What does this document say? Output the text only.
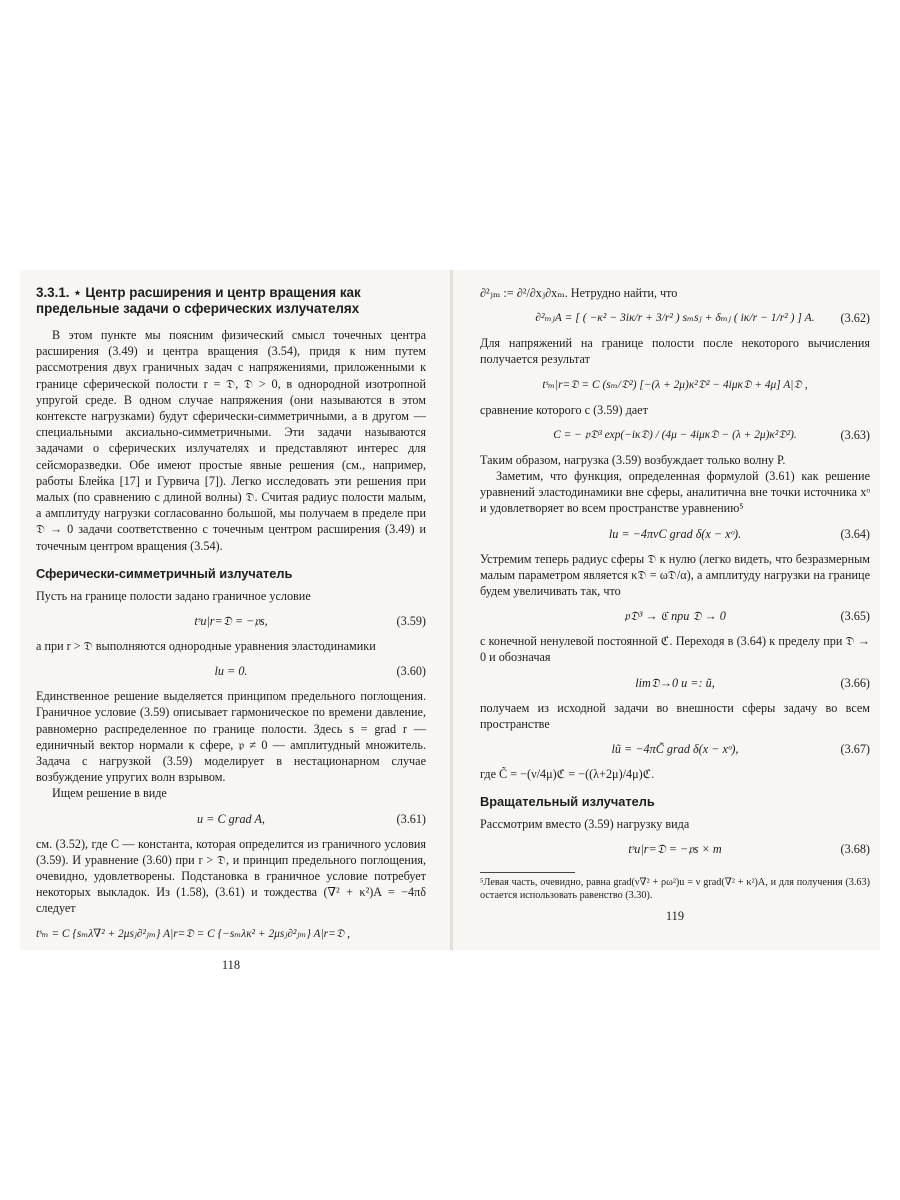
3.3.1. ⋆ Центр расширения и центр вращения как предельные задачи о сферических излучателях

В этом пункте мы поясним физический смысл точечных центра расширения (3.49) и центра вращения (3.54), придя к ним путем рассмотрения двух граничных задач с напряжениями, приложенными к границе сферической полости r = 𝔇, 𝔇 > 0, в однородной изотропной упругой среде. В одном случае напряжения (они называются в этом контексте нагрузками) будут сферически-симметричными, а в другом — специальными аксиально-симметричными. Эти задачи называются задачами о сферических излучателях и представляют интерес для сейсморазведки. Обе имеют простые явные решения (см., например, работы Блейка [17] и Гурвича [7]). Легко исследовать эти решения при малых (по сравнению с длиной волны) 𝔇. Считая радиус полости малым, а амплитуду нагрузки согласованно большой, мы получаем в пределе при 𝔇 → 0 задачи соответственно с точечным центром расширения (3.49) и точечным центром вращения (3.54).

Сферически-симметричный излучатель

Пусть на границе полости задано граничное условие

tˢu|r=𝔇 = −𝔭s,	(3.59)

а при r > 𝔇 выполняются однородные уравнения эластодинамики

lu = 0.	(3.60)

Единственное решение выделяется принципом предельного поглощения. Граничное условие (3.59) описывает гармоническое по времени давление, равномерно распределенное по границе полости. Здесь s = grad r — единичный вектор нормали к сфере, 𝔭 ≠ 0 — амплитудный множитель. Задача с нагрузкой (3.59) моделирует в нестационарном случае возбуждение упругих волн взрывом.

Ищем решение в виде

u = C grad A,	(3.61)

см. (3.52), где C — константа, которая определится из граничного условия (3.59). И уравнение (3.60) при r > 𝔇, и принцип предельного поглощения, очевидно, удовлетворены. Подстановка в граничное условие потребует некоторых выкладок. Из (1.58), (3.61) и тождества (∇² + κ²)A = −4πδ следует

tˢₘ = C {sₘλ∇² + 2μsⱼ∂²ⱼₘ} A|r=𝔇 = C {−sₘλκ² + 2μsⱼ∂²ⱼₘ} A|r=𝔇 ,
118

∂²ⱼₘ := ∂²/∂xⱼ∂xₘ. Нетрудно найти, что

∂²ₘⱼA = [ ( −κ² − 3iκ/r + 3/r² ) sₘsⱼ + δₘⱼ ( iκ/r − 1/r² ) ] A. (3.62)

Для напряжений на границе полости после некоторого вычисления получается результат

tˢₘ|r=𝔇 = C (sₘ/𝔇²) [−(λ + 2μ)κ²𝔇² − 4iμκ𝔇 + 4μ] A|𝔇 ,

сравнение которого с (3.59) дает

C = − 𝔭𝔇³ exp(−iκ𝔇) / (4μ − 4iμκ𝔇 − (λ + 2μ)κ²𝔇²).	(3.63)

Таким образом, нагрузка (3.59) возбуждает только волну P.

Заметим, что функция, определенная формулой (3.61) как решение уравнений эластодинамики вне сферы, аналитична вне точки источника xᵒ и удовлетворяет во всем пространстве уравнению⁵

lu = −4πνC grad δ(x − xᵒ).	(3.64)

Устремим теперь радиус сферы 𝔇 к нулю (легко видеть, что безразмерным малым параметром является κ𝔇 = ω𝔇/α), а амплитуду нагрузки на границе будем увеличивать так, что

𝔭𝔇³ → ℭ при 𝔇 → 0	(3.65)

с конечной ненулевой постоянной ℭ. Переходя в (3.64) к пределу при 𝔇 → 0 и обозначая

lim𝔇→0 u =: ũ,	(3.66)

получаем из исходной задачи во внешности сферы задачу во всем пространстве

lũ = −4πC̃ grad δ(x − xᵒ),	(3.67)

где C̃ = −(ν/4μ)ℭ = −((λ+2μ)/4μ)ℭ.

Вращательный излучатель

Рассмотрим вместо (3.59) нагрузку вида

tˢu|r=𝔇 = −𝔭s × m	(3.68)

⁵Левая часть, очевидно, равна grad(ν∇² + ρω²)u = ν grad(∇² + κ²)A, и для получения (3.63) остается использовать равенство (3.30).

119
